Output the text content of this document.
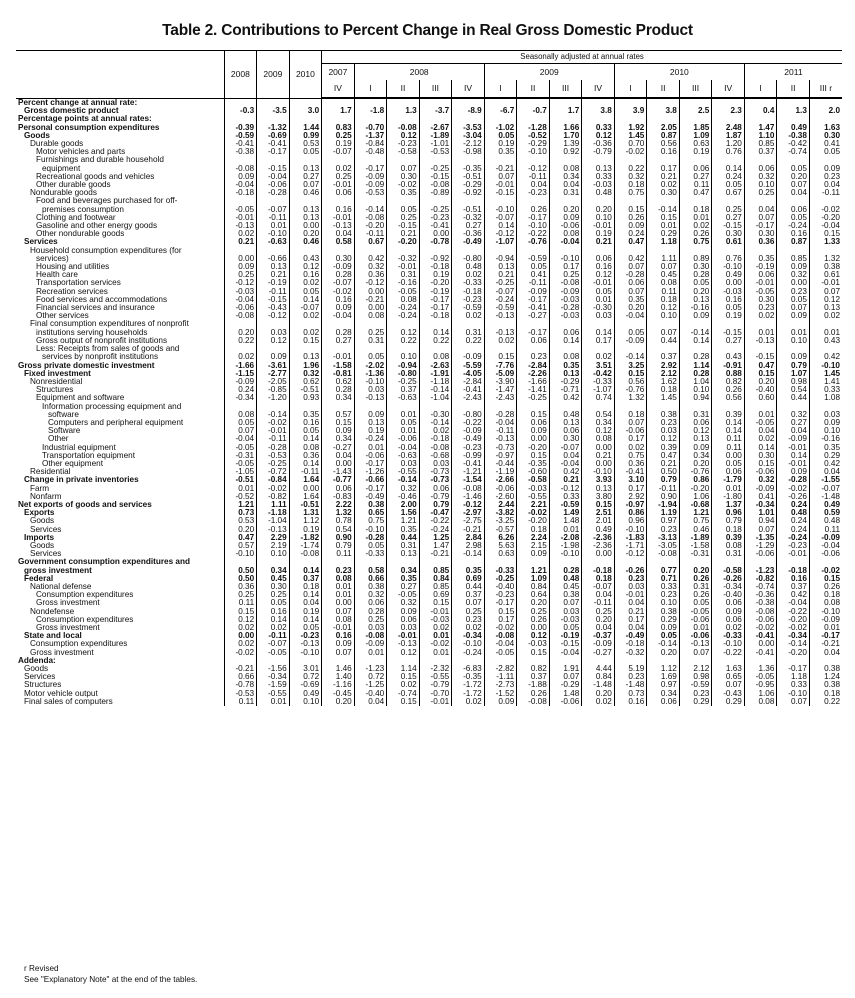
Table 2. Contributions to Percent Change in Real Gross Domestic Product
	2008	2009	2010	Seasonally adjusted at annual rates															
				2007	2008				2009				2010				2011		
				IV	I	II	III	IV	I	II	III	IV	I	II	III	IV	I	II	III r

Percent change at annual rate:																			
Gross domestic product	-0.3	-3.5	3.0	1.7	-1.8	1.3	-3.7	-8.9	-6.7	-0.7	1.7	3.8	3.9	3.8	2.5	2.3	0.4	1.3	2.0
Percentage points at annual rates:																			
Personal consumption expenditures	-0.39	-1.32	1.44	0.83	-0.70	-0.08	-2.67	-3.53	-1.02	-1.28	1.66	0.33	1.92	2.05	1.85	2.48	1.47	0.49	1.63
Goods	-0.59	-0.69	0.99	0.25	-1.37	0.12	-1.89	-3.04	0.05	-0.52	1.70	0.12	1.45	0.87	1.09	1.87	1.10	-0.38	0.30
Durable goods	-0.41	-0.41	0.53	0.19	-0.84	-0.23	-1.01	-2.12	0.19	-0.29	1.39	-0.36	0.70	0.56	0.63	1.20	0.85	-0.42	0.41
Motor vehicles and parts	-0.38	-0.17	0.05	-0.07	-0.48	-0.58	-0.53	-0.98	0.35	-0.10	0.92	-0.79	-0.02	0.16	0.19	0.76	0.37	-0.74	0.05
Furnishings and durable household																			
equipment	-0.08	-0.15	0.13	0.02	-0.17	0.07	-0.25	-0.35	-0.21	-0.12	0.08	0.13	0.22	0.17	0.06	0.14	0.06	0.05	0.09
Recreational goods and vehicles	0.09	-0.04	0.27	0.25	-0.09	0.30	-0.15	-0.51	0.07	-0.11	0.34	0.33	0.32	0.21	0.27	0.24	0.32	0.20	0.23
Other durable goods	-0.04	-0.06	0.07	-0.01	-0.09	-0.02	-0.08	-0.29	-0.01	0.04	0.04	-0.03	0.18	0.02	0.11	0.05	0.10	0.07	0.04
Nondurable goods	-0.18	-0.28	0.46	0.06	-0.53	0.35	-0.89	-0.92	-0.15	-0.23	0.31	0.48	0.75	0.30	0.47	0.67	0.25	0.04	-0.11
Food and beverages purchased for off-																			
premises consumption	-0.05	-0.07	0.13	0.16	-0.14	0.05	-0.25	-0.51	-0.10	0.26	0.20	0.20	0.15	-0.14	0.18	0.25	0.04	0.06	-0.02
Clothing and footwear	-0.01	-0.11	0.13	-0.01	-0.08	0.25	-0.23	-0.32	-0.07	-0.17	0.09	0.10	0.26	0.15	0.01	0.27	0.07	0.05	-0.20
Gasoline and other energy goods	-0.13	0.01	0.00	-0.13	-0.20	-0.15	-0.41	0.27	0.14	-0.10	-0.06	-0.01	0.09	0.01	0.02	-0.15	-0.17	-0.24	-0.04
Other nondurable goods	0.02	-0.10	0.20	0.04	-0.11	0.21	0.00	-0.36	-0.12	-0.22	0.08	0.19	0.24	0.29	0.26	0.30	0.30	0.16	0.15
Services	0.21	-0.63	0.46	0.58	0.67	-0.20	-0.78	-0.49	-1.07	-0.76	-0.04	0.21	0.47	1.18	0.75	0.61	0.36	0.87	1.33
Household consumption expenditures (for																			
services)	0.00	-0.66	0.43	0.30	0.42	-0.32	-0.92	-0.80	-0.94	-0.59	-0.10	0.06	0.42	1.11	0.89	0.76	0.35	0.85	1.32
Housing and utilities	0.09	0.13	0.12	-0.09	0.32	-0.01	-0.18	0.48	0.13	0.05	0.17	0.16	0.07	0.07	0.30	-0.10	-0.19	0.09	0.38
Health care	0.25	0.21	0.16	0.28	0.36	0.31	0.19	0.02	0.21	0.41	0.25	0.12	-0.28	0.45	0.28	0.49	0.06	0.32	0.61
Transportation services	-0.12	-0.19	0.02	-0.07	-0.12	-0.16	-0.20	-0.33	-0.25	-0.11	-0.08	-0.01	0.06	0.08	0.05	0.00	-0.01	0.00	-0.01
Recreation services	-0.03	-0.11	0.05	-0.02	0.00	-0.05	-0.19	-0.18	-0.07	-0.09	-0.09	0.05	0.07	0.11	0.20	-0.03	-0.05	0.23	0.07
Food services and accommodations	-0.04	-0.15	0.14	0.16	-0.21	0.08	-0.17	-0.23	-0.24	-0.17	-0.03	0.01	0.35	0.18	0.13	0.16	0.30	0.05	0.12
Financial services and insurance	-0.06	-0.43	-0.07	0.09	0.00	-0.24	-0.17	-0.59	-0.59	-0.41	-0.28	-0.30	0.20	0.12	-0.16	0.05	0.23	0.07	0.13
Other services	-0.08	-0.12	0.02	-0.04	0.08	-0.24	-0.18	0.02	-0.13	-0.27	-0.03	0.03	-0.04	0.10	0.09	0.19	0.02	0.09	0.02
Final consumption expenditures of nonprofit																			
institutions serving households	0.20	0.03	0.02	0.28	0.25	0.12	0.14	0.31	-0.13	-0.17	0.06	0.14	0.05	0.07	-0.14	-0.15	0.01	0.01	0.01
Gross output of nonprofit institutions	0.22	0.12	0.15	0.27	0.31	0.22	0.22	0.22	0.02	0.06	0.14	0.17	-0.09	0.44	0.14	0.27	-0.13	0.10	0.43
Less: Receipts from sales of goods and																			
services by nonprofit institutions	0.02	0.09	0.13	-0.01	0.05	0.10	0.08	-0.09	0.15	0.23	0.08	0.02	-0.14	0.37	0.28	0.43	-0.15	0.09	0.42
Gross private domestic investment	-1.66	-3.61	1.96	-1.58	-2.02	-0.94	-2.63	-5.59	-7.76	-2.84	0.35	3.51	3.25	2.92	1.14	-0.91	0.47	0.79	-0.10
Fixed investment	-1.15	-2.77	0.32	-0.81	-1.36	-0.80	-1.91	-4.05	-5.09	-2.26	0.13	-0.42	0.15	2.12	0.28	0.88	0.15	1.07	1.45
Nonresidential	-0.09	-2.05	0.62	0.62	-0.10	-0.25	-1.18	-2.84	-3.90	-1.66	-0.29	-0.33	0.56	1.62	1.04	0.82	0.20	0.98	1.41
Structures	0.24	-0.85	-0.51	0.28	0.03	0.37	-0.14	-0.41	-1.47	-1.41	-0.71	-1.07	-0.76	0.18	0.10	0.26	-0.40	0.54	0.33
Equipment and software	-0.34	-1.20	0.93	0.34	-0.13	-0.63	-1.04	-2.43	-2.43	-0.25	0.42	0.74	1.32	1.45	0.94	0.56	0.60	0.44	1.08
Information processing equipment and																			
software	0.08	-0.14	0.35	0.57	0.09	0.01	-0.30	-0.80	-0.28	0.15	0.48	0.54	0.18	0.38	0.31	0.39	0.01	0.32	0.03
Computers and peripheral equipment	0.05	-0.02	0.16	0.15	0.13	0.05	-0.14	-0.22	-0.04	0.06	0.13	0.34	0.07	0.23	0.06	0.14	-0.05	0.27	0.09
Software	0.07	-0.01	0.05	0.09	0.19	0.01	0.02	-0.09	-0.11	0.09	0.06	0.12	-0.06	0.03	0.12	0.14	0.04	0.04	0.10
Other	-0.04	-0.11	0.14	0.34	-0.24	-0.06	-0.18	-0.49	-0.13	0.00	0.30	0.08	0.17	0.12	0.13	0.11	0.02	-0.09	-0.16
Industrial equipment	-0.05	-0.28	0.08	-0.27	0.01	-0.04	-0.08	-0.23	-0.73	-0.20	-0.07	0.00	0.02	0.39	0.09	0.11	0.14	-0.01	0.35
Transportation equipment	-0.31	-0.53	0.36	0.04	-0.06	-0.63	-0.68	-0.99	-0.97	0.15	0.04	0.21	0.75	0.47	0.34	0.00	0.30	0.14	0.29
Other equipment	-0.05	-0.25	0.14	0.00	-0.17	0.03	0.03	-0.41	-0.44	-0.35	-0.04	0.00	0.36	0.21	0.20	0.05	0.15	-0.01	0.42
Residential	-1.05	-0.72	-0.11	-1.43	-1.26	-0.55	-0.73	-1.21	-1.19	-0.60	0.42	-0.10	-0.41	0.50	-0.76	0.06	-0.06	0.09	0.04
Change in private inventories	-0.51	-0.84	1.64	-0.77	-0.66	-0.14	-0.73	-1.54	-2.66	-0.58	0.21	3.93	3.10	0.79	0.86	-1.79	0.32	-0.28	-1.55
Farm	0.01	-0.02	0.00	0.06	-0.17	0.32	0.06	-0.08	-0.06	-0.03	-0.12	0.13	0.17	-0.11	-0.20	0.01	-0.09	-0.02	-0.07
Nonfarm	-0.52	-0.82	1.64	-0.83	-0.49	-0.46	-0.79	-1.46	-2.60	-0.55	0.33	3.80	2.92	0.90	1.06	-1.80	0.41	-0.26	-1.48
Net exports of goods and services	1.21	1.11	-0.51	2.22	0.38	2.00	0.79	-0.12	2.44	2.21	-0.59	0.15	-0.97	-1.94	-0.68	1.37	-0.34	0.24	0.49
Exports	0.73	-1.18	1.31	1.32	0.65	1.56	-0.47	-2.97	-3.82	-0.02	1.49	2.51	0.86	1.19	1.21	0.96	1.01	0.48	0.59
Goods	0.53	-1.04	1.12	0.78	0.75	1.21	-0.22	-2.75	-3.25	-0.20	1.48	2.01	0.96	0.97	0.75	0.79	0.94	0.24	0.48
Services	0.20	-0.13	0.19	0.54	-0.10	0.35	-0.24	-0.21	-0.57	0.18	0.01	0.49	-0.10	0.23	0.46	0.18	0.07	0.24	0.11
Imports	0.47	2.29	-1.82	0.90	-0.28	0.44	1.25	2.84	6.26	2.24	-2.08	-2.36	-1.83	-3.13	-1.89	0.39	-1.35	-0.24	-0.09
Goods	0.57	2.19	-1.74	0.79	0.05	0.31	1.47	2.98	5.63	2.15	-1.98	-2.36	-1.71	-3.05	-1.58	0.08	-1.29	-0.23	-0.04
Services	-0.10	0.10	-0.08	0.11	-0.33	0.13	-0.21	-0.14	0.63	0.09	-0.10	0.00	-0.12	-0.08	-0.31	0.31	-0.06	-0.01	-0.06
Government consumption expenditures and																			
gross investment	0.50	0.34	0.14	0.23	0.58	0.34	0.85	0.35	-0.33	1.21	0.28	-0.18	-0.26	0.77	0.20	-0.58	-1.23	-0.18	-0.02
Federal	0.50	0.45	0.37	0.08	0.66	0.35	0.84	0.69	-0.25	1.09	0.48	0.18	0.23	0.71	0.26	-0.26	-0.82	0.16	0.15
National defense	0.36	0.30	0.18	0.01	0.38	0.27	0.85	0.44	-0.40	0.84	0.45	-0.07	0.03	0.33	0.31	-0.34	-0.74	0.37	0.26
Consumption expenditures	0.25	0.25	0.14	0.01	0.32	-0.05	0.69	0.37	-0.23	0.64	0.38	0.04	-0.01	0.23	0.26	-0.40	-0.36	0.42	0.18
Gross investment	0.11	0.05	0.04	0.00	0.06	0.32	0.15	0.07	-0.17	0.20	0.07	-0.11	0.04	0.10	0.05	0.06	-0.38	-0.04	0.08
Nondefense	0.15	0.16	0.19	0.07	0.28	0.09	-0.01	0.25	0.15	0.25	0.03	0.25	0.21	0.38	-0.05	0.09	-0.08	-0.22	-0.10
Consumption expenditures	0.12	0.14	0.14	0.08	0.25	0.06	-0.03	0.23	0.17	0.26	-0.03	0.20	0.17	0.29	-0.06	0.06	-0.06	-0.20	-0.09
Gross investment	0.02	0.02	0.05	-0.01	0.03	0.03	0.02	0.02	-0.02	0.00	0.05	0.04	0.04	0.09	0.01	0.02	-0.02	-0.02	0.01
State and local	0.00	-0.11	-0.23	0.16	-0.08	-0.01	0.01	-0.34	-0.08	0.12	-0.19	-0.37	-0.49	0.05	-0.06	-0.33	-0.41	-0.34	-0.17
Consumption expenditures	0.02	-0.07	-0.13	0.09	-0.09	-0.13	-0.02	-0.10	-0.04	-0.03	-0.15	-0.09	-0.18	-0.14	-0.13	-0.10	0.00	-0.14	-0.21
Gross investment	-0.02	-0.05	-0.10	0.07	0.01	0.12	0.01	-0.24	-0.05	0.15	-0.04	-0.27	-0.32	0.20	0.07	-0.22	-0.41	-0.20	0.04
Addenda:																			
Goods	-0.21	-1.56	3.01	1.46	-1.23	1.14	-2.32	-6.83	-2.82	0.82	1.91	4.44	5.19	1.12	2.12	1.63	1.36	-0.17	0.38
Services	0.66	-0.34	0.72	1.40	0.72	0.15	-0.55	-0.35	-1.11	0.37	0.07	0.84	0.23	1.69	0.98	0.65	-0.05	1.18	1.24
Structures	-0.78	-1.59	-0.69	-1.16	-1.25	0.02	-0.79	-1.72	-2.73	-1.88	-0.29	-1.48	-1.48	0.97	-0.59	0.07	-0.95	0.33	0.38
Motor vehicle output	-0.53	-0.55	0.49	-0.45	-0.40	-0.74	-0.70	-1.72	-1.52	0.26	1.48	0.20	0.73	0.34	0.23	-0.43	1.06	-0.10	0.18
Final sales of computers	0.11	0.01	0.10	0.20	0.04	0.15	-0.01	0.02	0.09	-0.08	-0.06	0.02	0.16	0.06	0.29	0.29	0.08	0.07	0.22
r Revised
See "Explanatory Note" at the end of the tables.
